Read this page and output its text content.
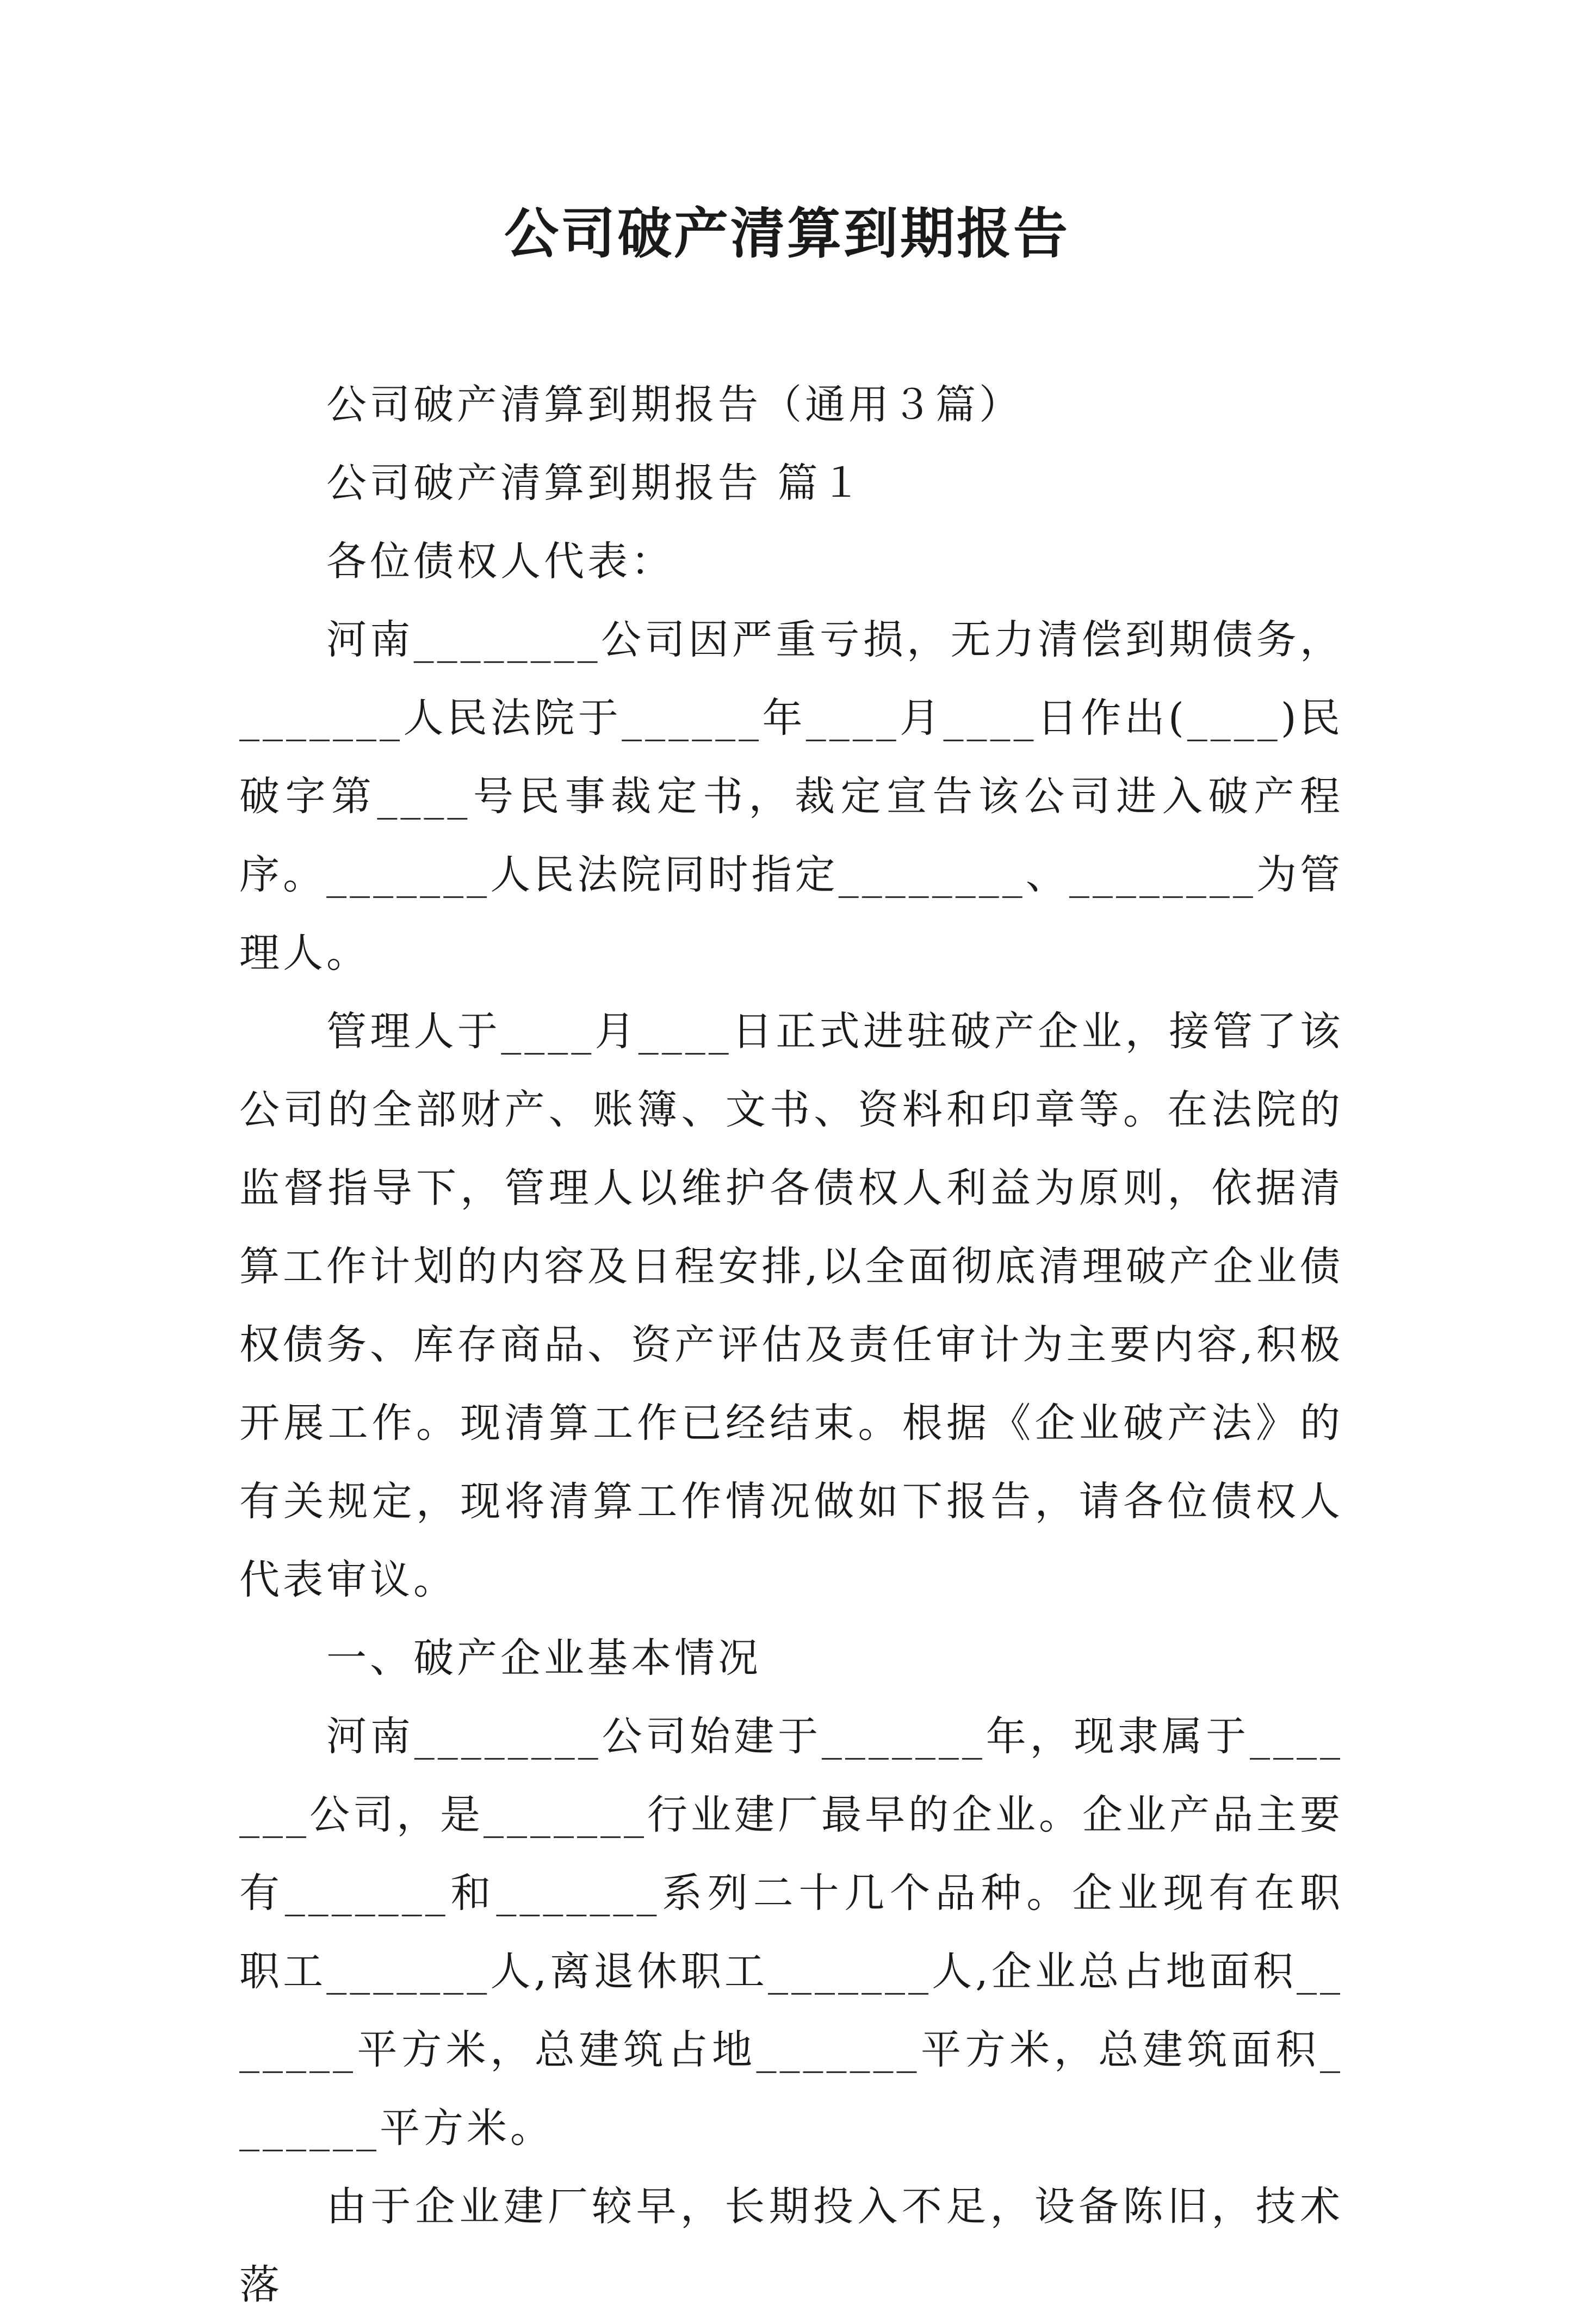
公司破产清算到期报告

公司破产清算到期报告（通用３篇）

公司破产清算到期报告 篇１

各位债权人代表：

河南________公司因严重亏损，无力清偿到期债务，_______人民法院于______年____月____日作出(____)民破字第____号民事裁定书，裁定宣告该公司进入破产程序。_______人民法院同时指定________、________为管理人。

管理人于____月____日正式进驻破产企业，接管了该公司的全部财产、账簿、文书、资料和印章等。在法院的监督指导下，管理人以维护各债权人利益为原则，依据清算工作计划的内容及日程安排,以全面彻底清理破产企业债权债务、库存商品、资产评估及责任审计为主要内容,积极开展工作。现清算工作已经结束。根据《企业破产法》的有关规定，现将清算工作情况做如下报告，请各位债权人代表审议。

一、破产企业基本情况

河南________公司始建于_______年，现隶属于_______公司，是_______行业建厂最早的企业。企业产品主要有_______和_______系列二十几个品种。企业现有在职职工_______人,离退休职工_______人,企业总占地面积_______平方米，总建筑占地_______平方米，总建筑面积_______平方米。

由于企业建厂较早，长期投入不足，设备陈旧，技术落
